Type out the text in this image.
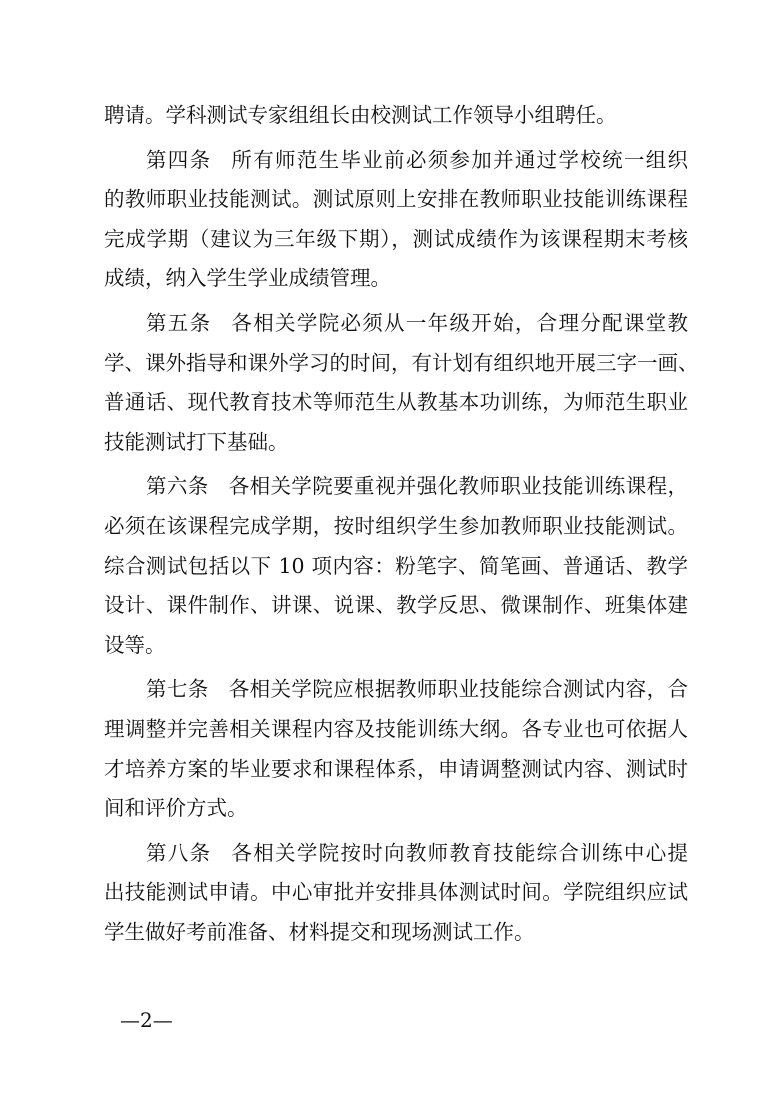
聘请。学科测试专家组组长由校测试工作领导小组聘任。

第四条 所有师范生毕业前必须参加并通过学校统一组织
的教师职业技能测试。测试原则上安排在教师职业技能训练课程
完成学期（建议为三年级下期），测试成绩作为该课程期末考核
成绩，纳入学生学业成绩管理。
第五条 各相关学院必须从一年级开始，合理分配课堂教
学、课外指导和课外学习的时间，有计划有组织地开展三字一画、
普通话、现代教育技术等师范生从教基本功训练，为师范生职业
技能测试打下基础。
第六条 各相关学院要重视并强化教师职业技能训练课程，
必须在该课程完成学期，按时组织学生参加教师职业技能测试。
综合测试包括以下 10 项内容：粉笔字、简笔画、普通话、教学
设计、课件制作、讲课、说课、教学反思、微课制作、班集体建
设等。
第七条 各相关学院应根据教师职业技能综合测试内容，合
理调整并完善相关课程内容及技能训练大纲。各专业也可依据人
才培养方案的毕业要求和课程体系，申请调整测试内容、测试时
间和评价方式。
第八条 各相关学院按时向教师教育技能综合训练中心提
出技能测试申请。中心审批并安排具体测试时间。学院组织应试
学生做好考前准备、材料提交和现场测试工作。
—2—
